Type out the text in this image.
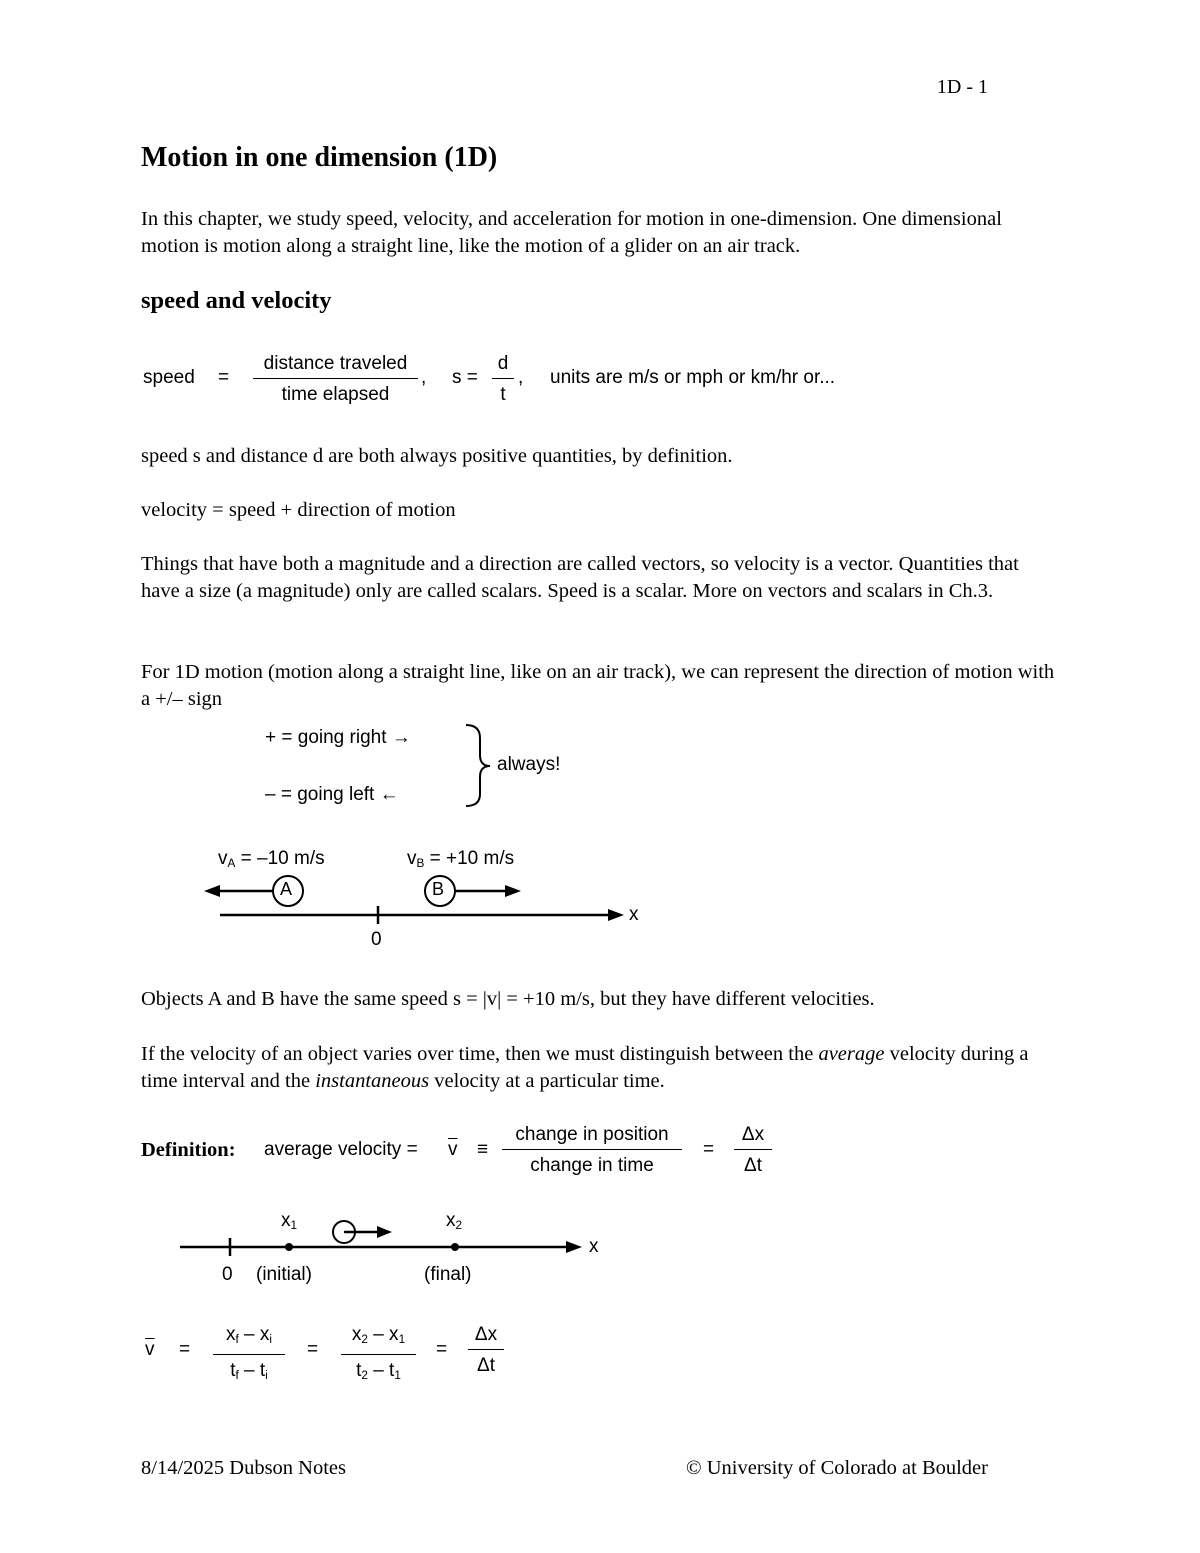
1D - 1
Motion in one dimension (1D)

In this chapter, we study speed, velocity, and acceleration for motion in one-dimension. One dimensional motion is motion along a straight line, like the motion of a glider on an air track.

speed and velocity
speed =
distance traveled
time elapsed
, $s = \frac{d}{t}$ , units are m/s or mph or km/hr or...

speed s and distance d are both always positive quantities, by definition.

velocity = speed + direction of motion

Things that have both a magnitude and a direction are called vectors, so velocity is a vector. Quantities that have a size (a magnitude) only are called scalars. Speed is a scalar. More on vectors and scalars in Ch.3.

For 1D motion (motion along a straight line, like on an air track), we can represent the direction of motion with a +/– sign

+ = going right →
– = going left ←
always!
$v_A = -10$ m/s	$v_B = +10$ m/s
A	B
0
x

Objects A and B have the same speed s = |v| = +10 m/s, but they have different velocities.

If the velocity of an object varies over time, then we must distinguish between the average velocity during a time interval and the instantaneous velocity at a particular time.

Definition: average velocity = $\overline{v}$ ≡
change in position
change in time
= $\frac{\Delta x}{\Delta t}$
$x_1$	$x_2$
0 (initial)	(final)
x
$\overline{v} = \frac{x_f - x_i}{t_f - t_i} = \frac{x_2 - x_1}{t_2 - t_1} = \frac{\Delta x}{\Delta t}$
8/14/2025 Dubson Notes	© University of Colorado at Boulder
